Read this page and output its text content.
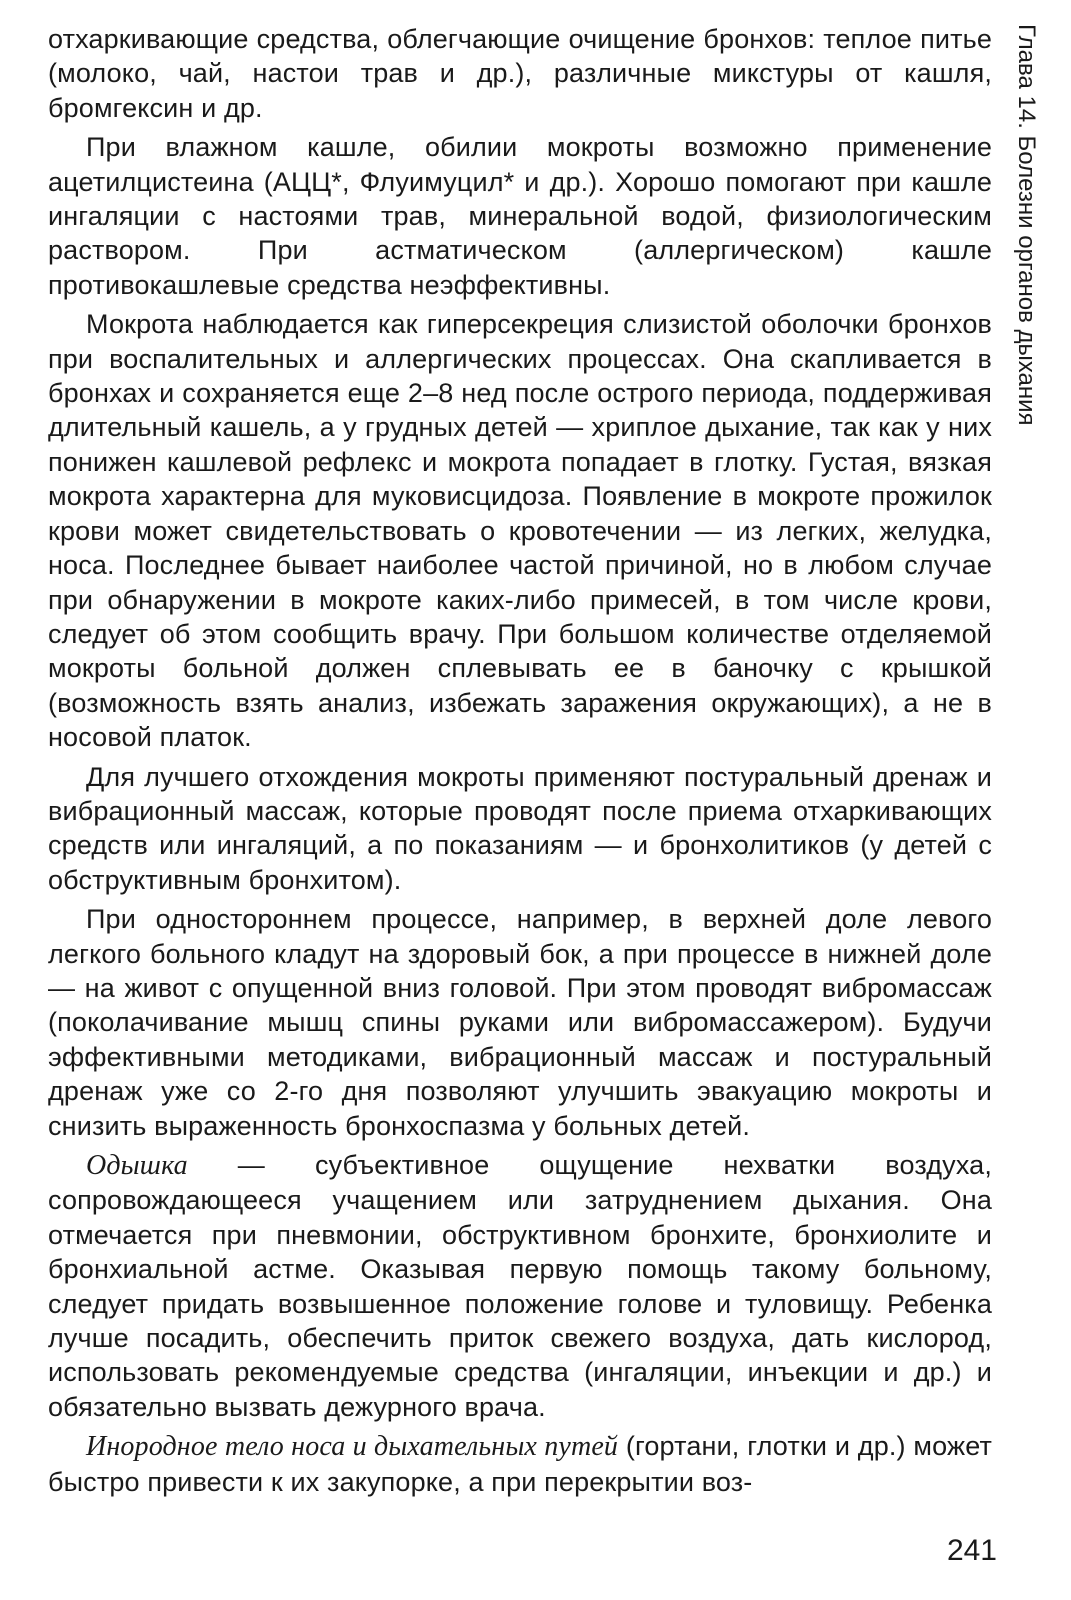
Глава 14. Болезни органов дыхания

отхаркивающие средства, облегчающие очищение бронхов: теплое питье (молоко, чай, настои трав и др.), различные микстуры от кашля, бромгексин и др.

При влажном кашле, обилии мокроты возможно применение ацетилцистеина (АЦЦ*, Флуимуцил* и др.). Хорошо помогают при кашле ингаляции с настоями трав, минеральной водой, физиологическим раствором. При астматическом (аллергическом) кашле противокашлевые средства неэффективны.

Мокрота наблюдается как гиперсекреция слизистой оболочки бронхов при воспалительных и аллергических процессах. Она скапливается в бронхах и сохраняется еще 2–8 нед после острого периода, поддерживая длительный кашель, а у грудных детей — хриплое дыхание, так как у них понижен кашлевой рефлекс и мокрота попадает в глотку. Густая, вязкая мокрота характерна для муковисцидоза. Появление в мокроте прожилок крови может свидетельствовать о кровотечении — из легких, желудка, носа. Последнее бывает наиболее частой причиной, но в любом случае при обнаружении в мокроте каких-либо примесей, в том числе крови, следует об этом сообщить врачу. При большом количестве отделяемой мокроты больной должен сплевывать ее в баночку с крышкой (возможность взять анализ, избежать заражения окружающих), а не в носовой платок.

Для лучшего отхождения мокроты применяют постуральный дренаж и вибрационный массаж, которые проводят после приема отхаркивающих средств или ингаляций, а по показаниям — и бронхолитиков (у детей с обструктивным бронхитом).

При одностороннем процессе, например, в верхней доле левого легкого больного кладут на здоровый бок, а при процессе в нижней доле — на живот с опущенной вниз головой. При этом проводят вибромассаж (поколачивание мышц спины руками или вибромассажером). Будучи эффективными методиками, вибрационный массаж и постуральный дренаж уже со 2-го дня позволяют улучшить эвакуацию мокроты и снизить выраженность бронхоспазма у больных детей.

Одышка — субъективное ощущение нехватки воздуха, сопровождающееся учащением или затруднением дыхания. Она отмечается при пневмонии, обструктивном бронхите, бронхиолите и бронхиальной астме. Оказывая первую помощь такому больному, следует придать возвышенное положение голове и туловищу. Ребенка лучше посадить, обеспечить приток свежего воздуха, дать кислород, использовать рекомендуемые средства (ингаляции, инъекции и др.) и обязательно вызвать дежурного врача.

Инородное тело носа и дыхательных путей (гортани, глотки и др.) может быстро привести к их закупорке, а при перекрытии воз-

241
